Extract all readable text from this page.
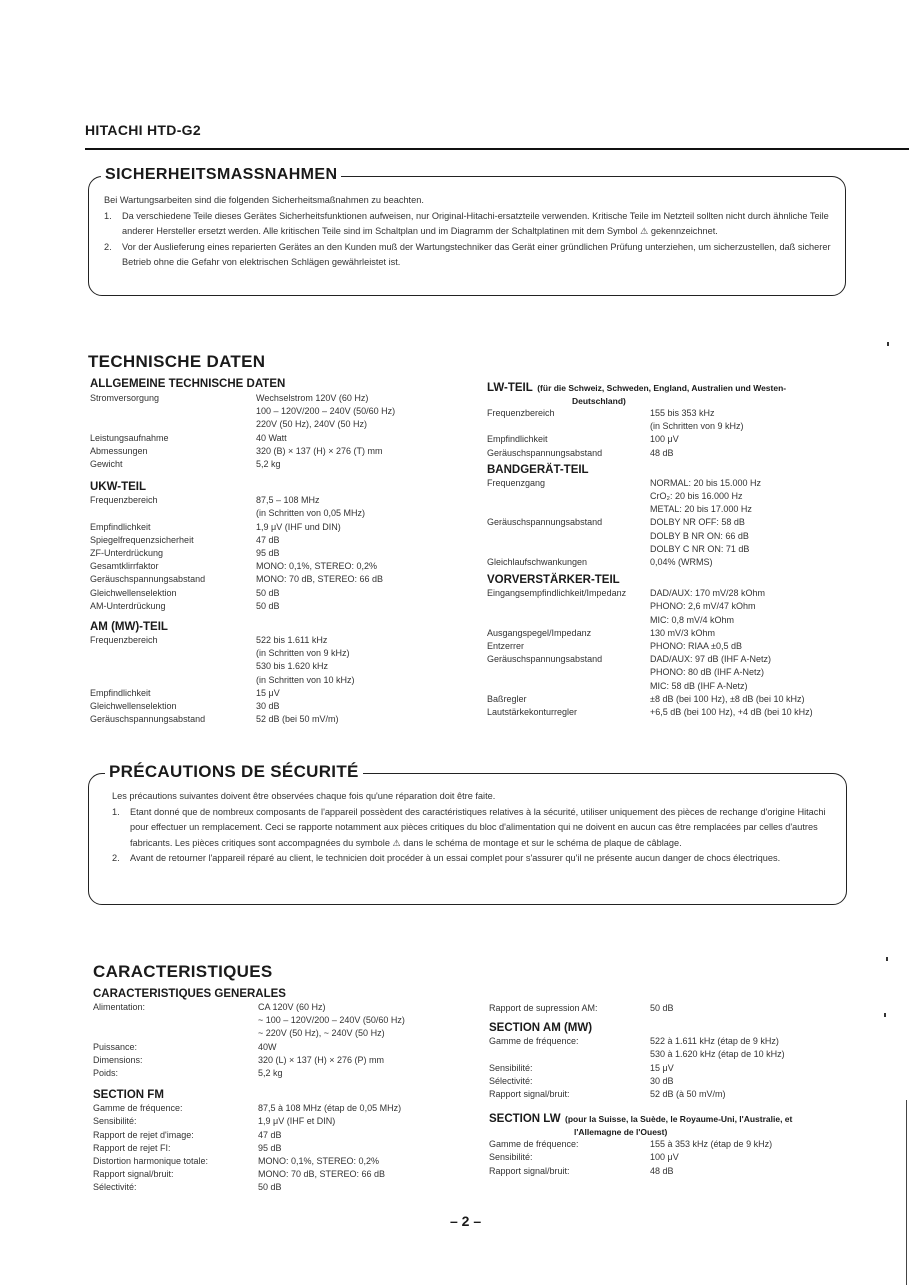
HITACHI HTD-G2
SICHERHEITSMASSNAHMEN
Bei Wartungsarbeiten sind die folgenden Sicherheitsmaßnahmen zu beachten.
1. Da verschiedene Teile dieses Gerätes Sicherheitsfunktionen aufweisen, nur Original-Hitachi-ersatzteile verwenden. Kritische Teile im Netzteil sollten nicht durch ähnliche Teile anderer Hersteller ersetzt werden. Alle kritischen Teile sind im Schaltplan und im Diagramm der Schaltplatinen mit dem Symbol ⚠ gekennzeichnet.
2. Vor der Auslieferung eines reparierten Gerätes an den Kunden muß der Wartungstechniker das Gerät einer gründlichen Prüfung unterziehen, um sicherzustellen, daß sicherer Betrieb ohne die Gefahr von elektrischen Schlägen gewährleistet ist.
TECHNISCHE DATEN
ALLGEMEINE TECHNISCHE DATEN
Stromversorgung	Wechselstrom 120V (60 Hz)
100 – 120V/200 – 240V (50/60 Hz)
220V (50 Hz), 240V (50 Hz)
Leistungsaufnahme	40 Watt
Abmessungen	320 (B) × 137 (H) × 276 (T) mm
Gewicht	5,2 kg
UKW-TEIL
Frequenzbereich	87,5 – 108 MHz
(in Schritten von 0,05 MHz)
Empfindlichkeit	1,9 μV (IHF und DIN)
Spiegelfrequenzsicherheit	47 dB
ZF-Unterdrückung	95 dB
Gesamtklirrfaktor	MONO: 0,1%, STEREO: 0,2%
Geräuschspannungsabstand	MONO: 70 dB, STEREO: 66 dB
Gleichwellenselektion	50 dB
AM-Unterdrückung	50 dB
AM (MW)-TEIL
Frequenzbereich	522 bis 1.611 kHz
(in Schritten von 9 kHz)
530 bis 1.620 kHz
(in Schritten von 10 kHz)
Empfindlichkeit	15 μV
Gleichwellenselektion	30 dB
Geräuschspannungsabstand	52 dB (bei 50 mV/m)
LW-TEIL (für die Schweiz, Schweden, England, Australien und Westen-
Deutschland)
Frequenzbereich	155 bis 353 kHz
(in Schritten von 9 kHz)
Empfindlichkeit	100 μV
Geräuschspannungsabstand	48 dB
BANDGERÄT-TEIL
Frequenzgang	NORMAL: 20 bis 15.000 Hz
CrO₂: 20 bis 16.000 Hz
METAL: 20 bis 17.000 Hz
Geräuschspannungsabstand	DOLBY NR OFF: 58 dB
DOLBY B NR ON: 66 dB
DOLBY C NR ON: 71 dB
Gleichlaufschwankungen	0,04% (WRMS)
VORVERSTÄRKER-TEIL
Eingangsempfindlichkeit/Impedanz	DAD/AUX: 170 mV/28 kOhm
PHONO: 2,6 mV/47 kOhm
MIC: 0,8 mV/4 kOhm
Ausgangspegel/Impedanz	130 mV/3 kOhm
Entzerrer	PHONO: RIAA ±0,5 dB
Geräuschspannungsabstand	DAD/AUX: 97 dB (IHF A-Netz)
PHONO: 80 dB (IHF A-Netz)
MIC: 58 dB (IHF A-Netz)
Baßregler	±8 dB (bei 100 Hz), ±8 dB (bei 10 kHz)
Lautstärkekonturregler	+6,5 dB (bei 100 Hz), +4 dB (bei 10 kHz)
PRÉCAUTIONS DE SÉCURITÉ
Les précautions suivantes doivent être observées chaque fois qu'une réparation doit être faite.
1. Etant donné que de nombreux composants de l'appareil possèdent des caractéristiques relatives à la sécurité, utiliser uniquement des pièces de rechange d'origine Hitachi pour effectuer un remplacement. Ceci se rapporte notamment aux pièces critiques du bloc d'alimentation qui ne doivent en aucun cas être remplacées par celles d'autres fabricants. Les pièces critiques sont accompagnées du symbole ⚠ dans le schéma de montage et sur le schéma de plaque de câblage.
2. Avant de retourner l'appareil réparé au client, le technicien doit procéder à un essai complet pour s'assurer qu'il ne présente aucun danger de chocs électriques.
CARACTERISTIQUES
CARACTERISTIQUES GENERALES
Alimentation:	CA 120V (60 Hz)
~ 100 – 120V/200 – 240V (50/60 Hz)
~ 220V (50 Hz), ~ 240V (50 Hz)
Puissance:	40W
Dimensions:	320 (L) × 137 (H) × 276 (P) mm
Poids:	5,2 kg
SECTION FM
Gamme de fréquence:	87,5 à 108 MHz (étap de 0,05 MHz)
Sensibilité:	1,9 μV (IHF et DIN)
Rapport de rejet d'image:	47 dB
Rapport de rejet FI:	95 dB
Distortion harmonique totale:	MONO: 0,1%, STEREO: 0,2%
Rapport signal/bruit:	MONO: 70 dB, STEREO: 66 dB
Sélectivité:	50 dB
Rapport de supression AM:	50 dB
SECTION AM (MW)
Gamme de fréquence:	522 à 1.611 kHz (étap de 9 kHz)
530 à 1.620 kHz (étap de 10 kHz)
Sensibilité:	15 μV
Sélectivité:	30 dB
Rapport signal/bruit:	52 dB (à 50 mV/m)
SECTION LW (pour la Suisse, la Suède, le Royaume-Uni, l'Australie, et
l'Allemagne de l'Ouest)
Gamme de fréquence:	155 à 353 kHz (étap de 9 kHz)
Sensibilité:	100 μV
Rapport signal/bruit:	48 dB
– 2 –
